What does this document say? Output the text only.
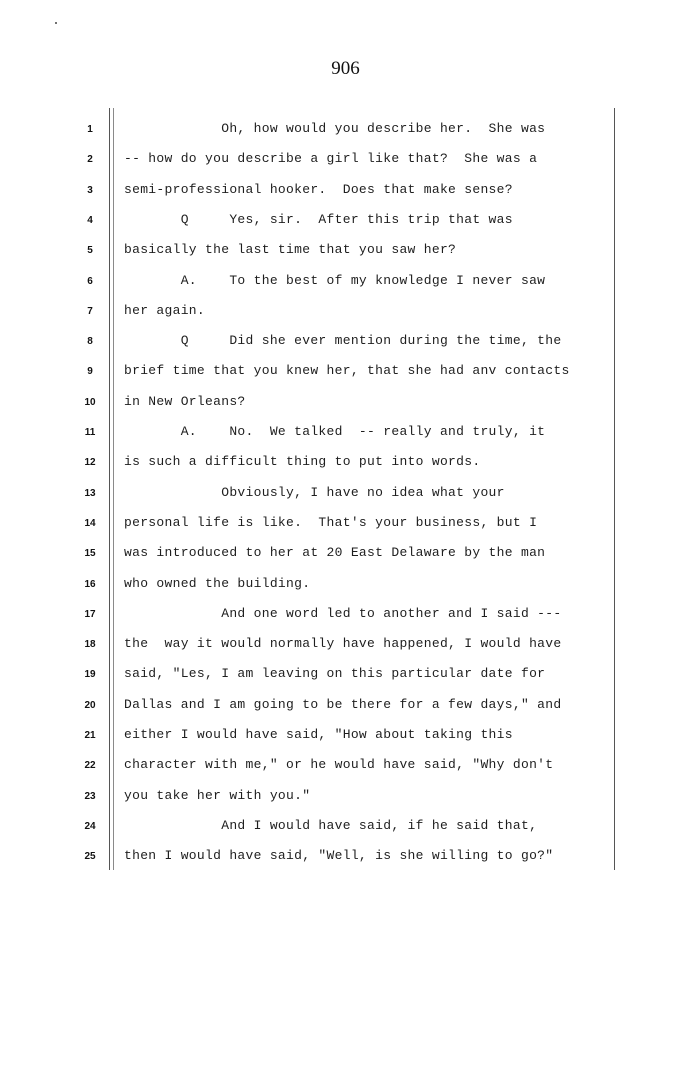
906
1	Oh, how would you describe her.  She was
2	-- how do you describe a girl like that?  She was a
3	semi-professional hooker.  Does that make sense?
4	Q     Yes, sir.  After this trip that was
5	basically the last time that you saw her?
6	A.    To the best of my knowledge I never saw
7	her again.
8	Q     Did she ever mention during the time, the
9	brief time that you knew her, that she had anv contacts
10	in New Orleans?
11	A.    No.  We talked  -- really and truly, it
12	is such a difficult thing to put into words.
13	Obviously, I have no idea what your
14	personal life is like.  That's your business, but I
15	was introduced to her at 20 East Delaware by the man
16	who owned the building.
17	And one word led to another and I said ---
18	the  way it would normally have happened, I would have
19	said, "Les, I am leaving on this particular date for
20	Dallas and I am going to be there for a few days," and
21	either I would have said, "How about taking this
22	character with me," or he would have said, "Why don't
23	you take her with you."
24	And I would have said, if he said that,
25	then I would have said, "Well, is she willing to go?"
